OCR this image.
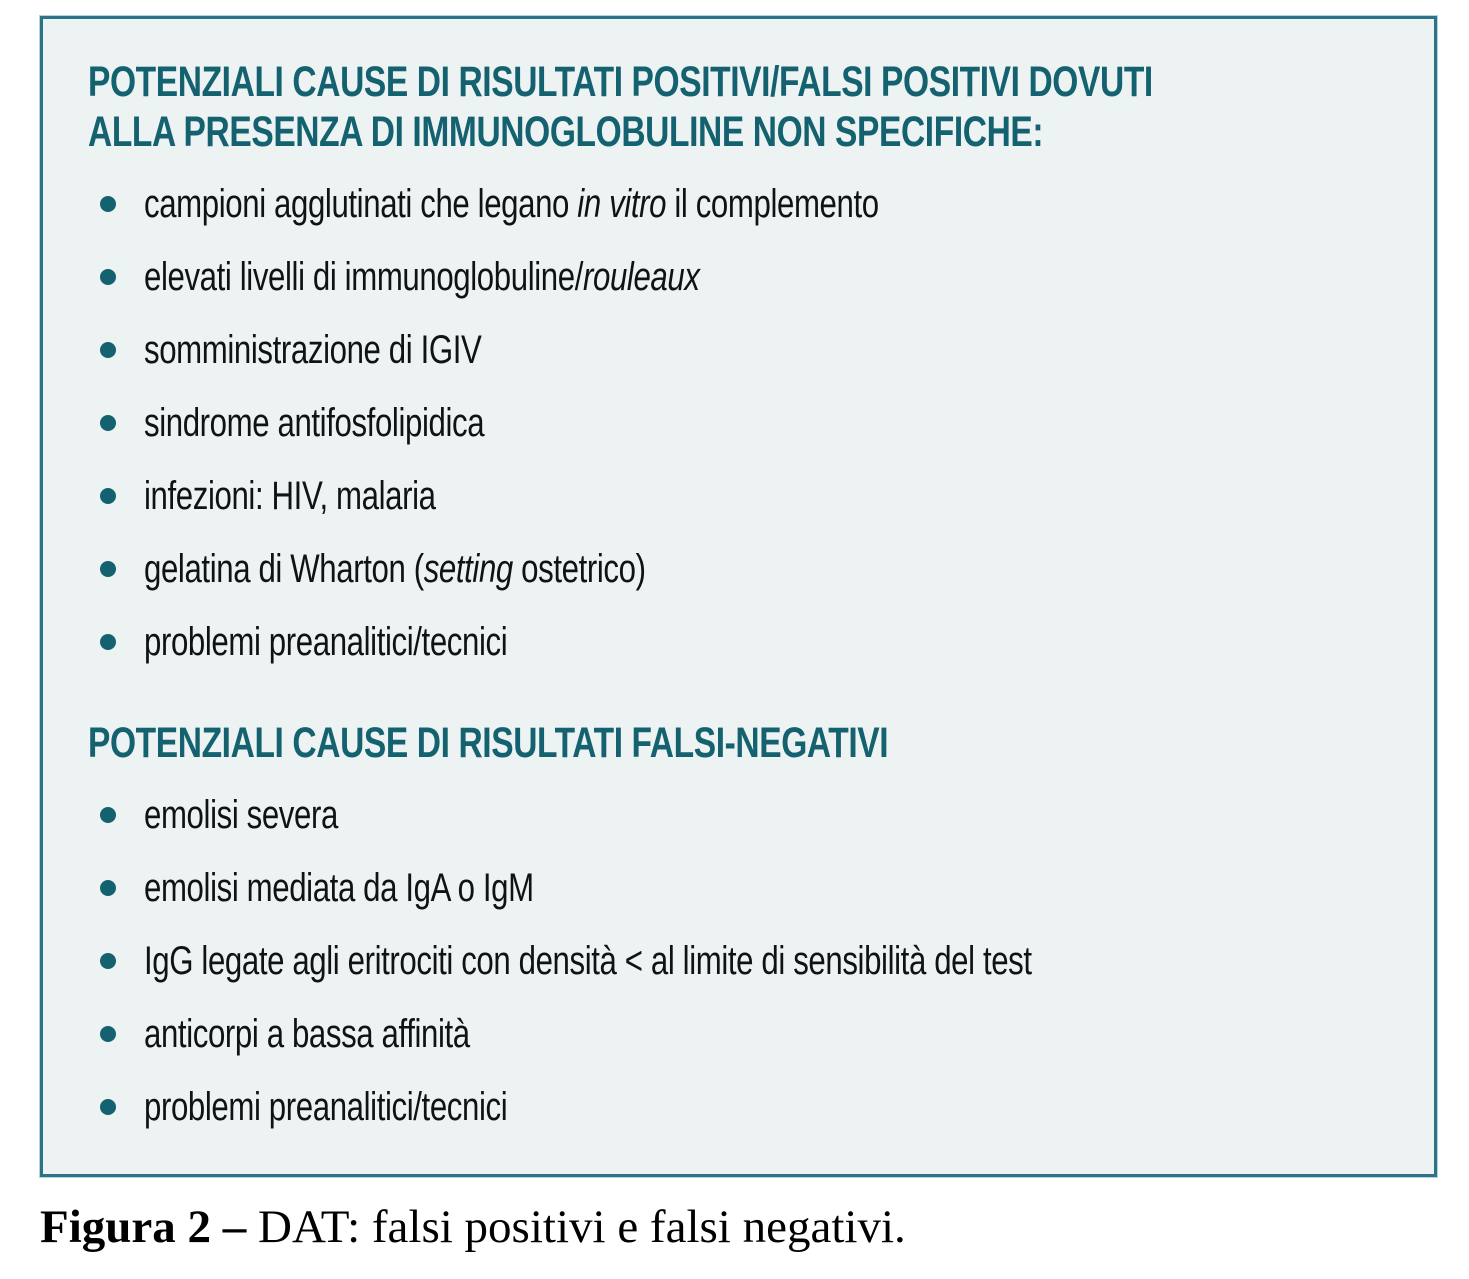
POTENZIALI CAUSE DI RISULTATI POSITIVI/FALSI POSITIVI DOVUTI
ALLA PRESENZA DI IMMUNOGLOBULINE NON SPECIFICHE:
campioni agglutinati che legano in vitro il complemento
elevati livelli di immunoglobuline/rouleaux
somministrazione di IGIV
sindrome antifosfolipidica
infezioni: HIV, malaria
gelatina di Wharton (setting ostetrico)
problemi preanalitici/tecnici
POTENZIALI CAUSE DI RISULTATI FALSI-NEGATIVI
emolisi severa
emolisi mediata da IgA o IgM
IgG legate agli eritrociti con densità < al limite di sensibilità del test
anticorpi a bassa affinità
problemi preanalitici/tecnici
Figura 2 – DAT: falsi positivi e falsi negativi.
